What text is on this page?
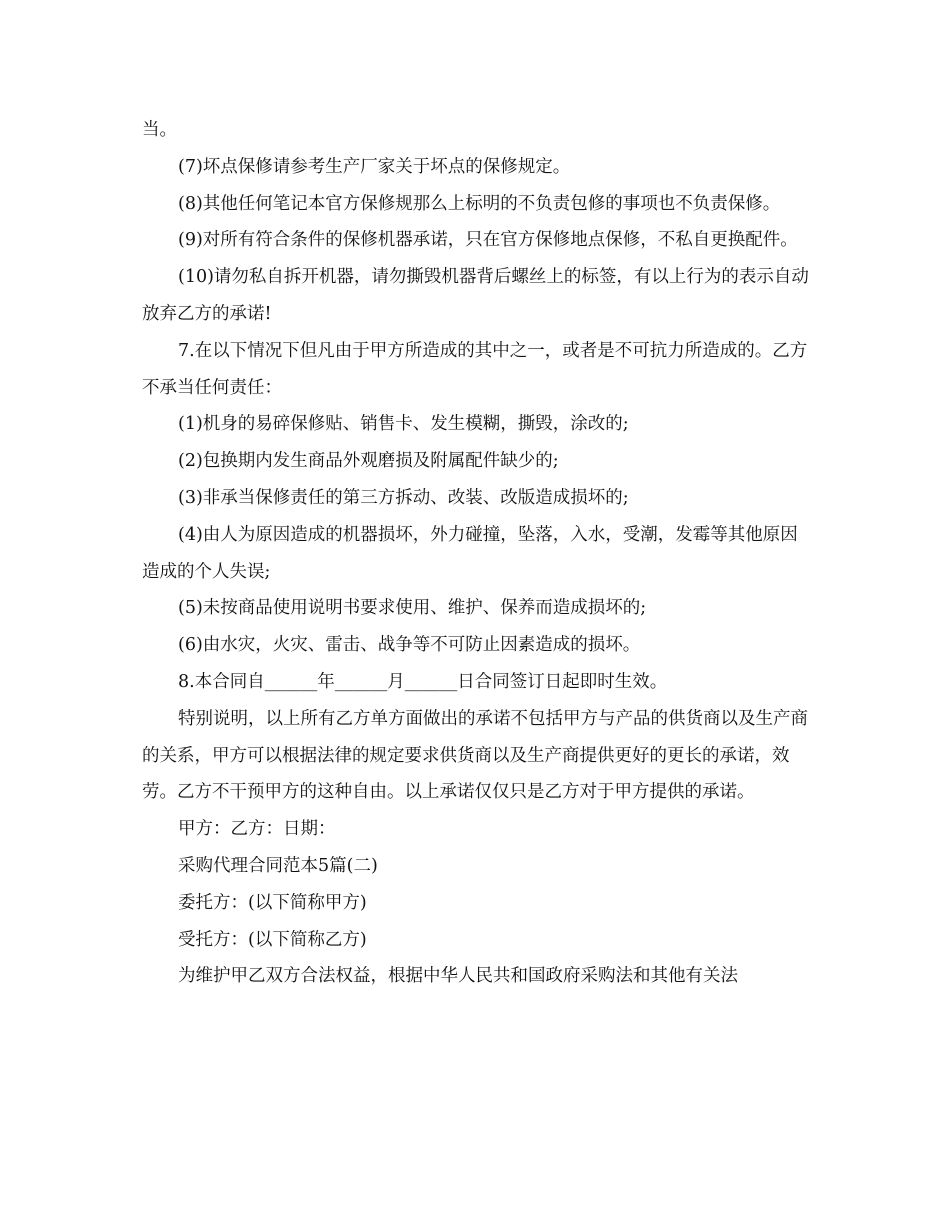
当。

(7)坏点保修请参考生产厂家关于坏点的保修规定。

(8)其他任何笔记本官方保修规那么上标明的不负责包修的事项也不负责保修。

(9)对所有符合条件的保修机器承诺，只在官方保修地点保修，不私自更换配件。

(10)请勿私自拆开机器，请勿撕毁机器背后螺丝上的标签，有以上行为的表示自动放弃乙方的承诺!

7.在以下情况下但凡由于甲方所造成的其中之一，或者是不可抗力所造成的。乙方不承当任何责任：

(1)机身的易碎保修贴、销售卡、发生模糊，撕毁，涂改的;

(2)包换期内发生商品外观磨损及附属配件缺少的;

(3)非承当保修责任的第三方拆动、改装、改版造成损坏的;

(4)由人为原因造成的机器损坏，外力碰撞，坠落，入水，受潮，发霉等其他原因造成的个人失误;

(5)未按商品使用说明书要求使用、维护、保养而造成损坏的;

(6)由水灾，火灾、雷击、战争等不可防止因素造成的损坏。

8.本合同自______年______月______日合同签订日起即时生效。

特别说明，以上所有乙方单方面做出的承诺不包括甲方与产品的供货商以及生产商的关系，甲方可以根据法律的规定要求供货商以及生产商提供更好的更长的承诺，效劳。乙方不干预甲方的这种自由。以上承诺仅仅只是乙方对于甲方提供的承诺。

甲方：乙方：日期：

采购代理合同范本5篇(二)

委托方：(以下简称甲方)

受托方：(以下简称乙方)

为维护甲乙双方合法权益，根据中华人民共和国政府采购法和其他有关法
